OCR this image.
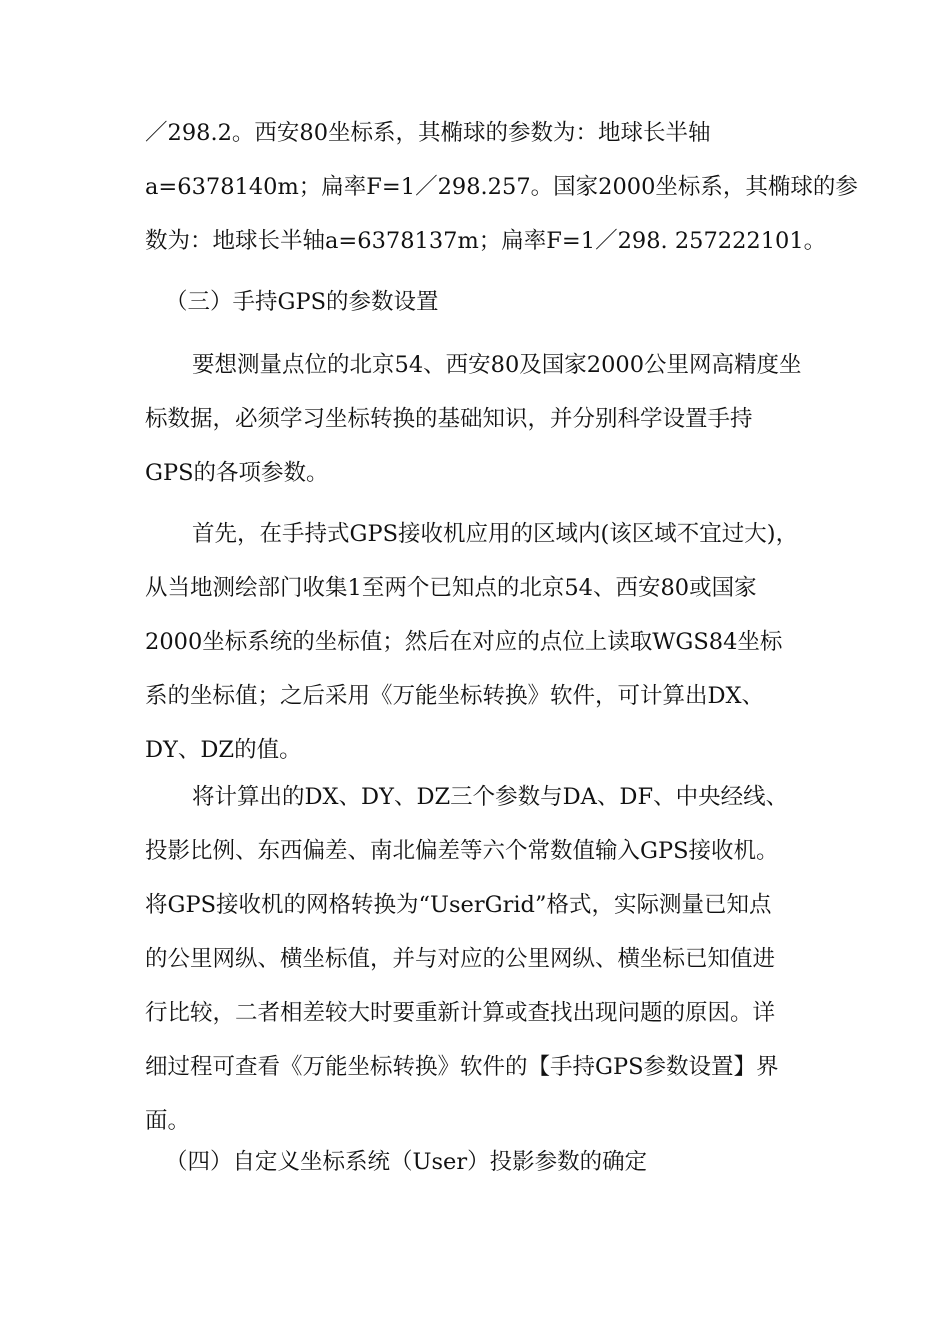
／298.2。西安80坐标系，其椭球的参数为：地球长半轴
a=6378140m；扁率F=1／298.257。国家2000坐标系，其椭球的参
数为：地球长半轴a=6378137m；扁率F=1／298. 257222101。
（三）手持GPS的参数设置
要想测量点位的北京54、西安80及国家2000公里网高精度坐
标数据，必须学习坐标转换的基础知识，并分别科学设置手持
GPS的各项参数。
首先，在手持式GPS接收机应用的区域内(该区域不宜过大)，
从当地测绘部门收集1至两个已知点的北京54、西安80或国家
2000坐标系统的坐标值；然后在对应的点位上读取WGS84坐标
系的坐标值；之后采用《万能坐标转换》软件，可计算出DX、
DY、DZ的值。
将计算出的DX、DY、DZ三个参数与DA、DF、中央经线、
投影比例、东西偏差、南北偏差等六个常数值输入GPS接收机。
将GPS接收机的网格转换为“UserGrid”格式，实际测量已知点
的公里网纵、横坐标值，并与对应的公里网纵、横坐标已知值进
行比较，二者相差较大时要重新计算或查找出现问题的原因。详
细过程可查看《万能坐标转换》软件的【手持GPS参数设置】界
面。
（四）自定义坐标系统（User）投影参数的确定
